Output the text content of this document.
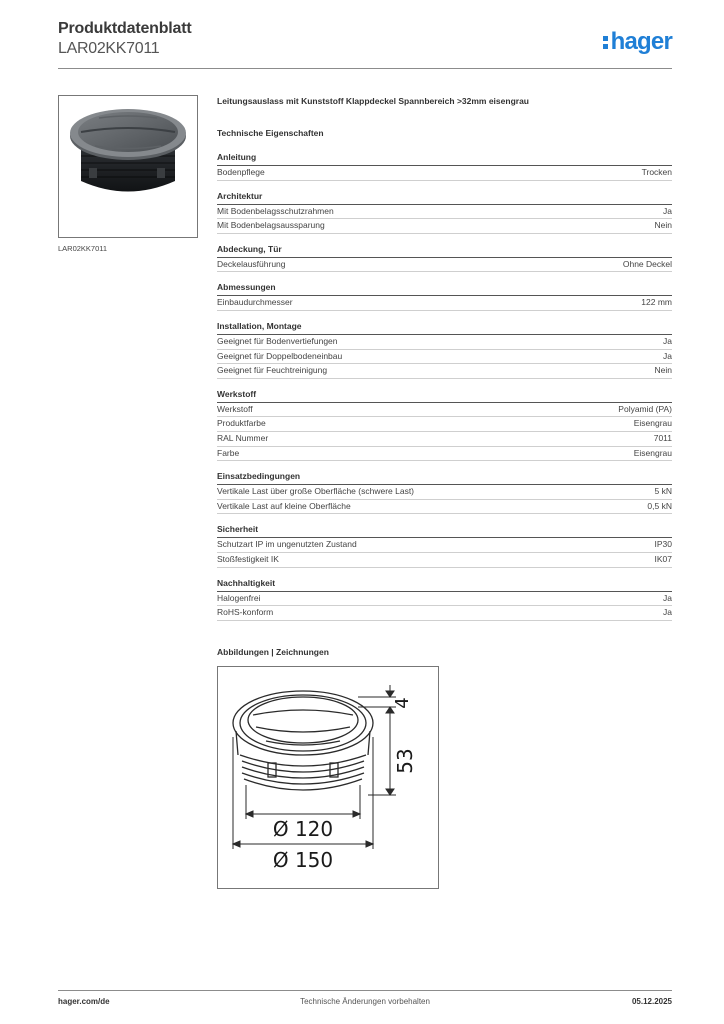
Produktdatenblatt
LAR02KK7011	hager
LAR02KK7011
Leitungsauslass mit Kunststoff Klappdeckel Spannbereich >32mm eisengrau
Technische Eigenschaften
Anleitung
Bodenpflege	Trocken
Architektur
Mit Bodenbelagsschutzrahmen	Ja
Mit Bodenbelagsaussparung	Nein
Abdeckung, Tür
Deckelausführung	Ohne Deckel
Abmessungen
Einbaudurchmesser	122 mm
Installation, Montage
Geeignet für Bodenvertiefungen	Ja
Geeignet für Doppelbodeneinbau	Ja
Geeignet für Feuchtreinigung	Nein
Werkstoff
Werkstoff	Polyamid (PA)
Produktfarbe	Eisengrau
RAL Nummer	7011
Farbe	Eisengrau
Einsatzbedingungen
Vertikale Last über große Oberfläche (schwere Last)	5 kN
Vertikale Last auf kleine Oberfläche	0,5 kN
Sicherheit
Schutzart IP im ungenutzten Zustand	IP30
Stoßfestigkeit IK	IK07
Nachhaltigkeit
Halogenfrei	Ja
RoHS-konform	Ja
Abbildungen | Zeichnungen
4
53
Ø 120
Ø 150
hager.com/de	Technische Änderungen vorbehalten	05.12.2025
